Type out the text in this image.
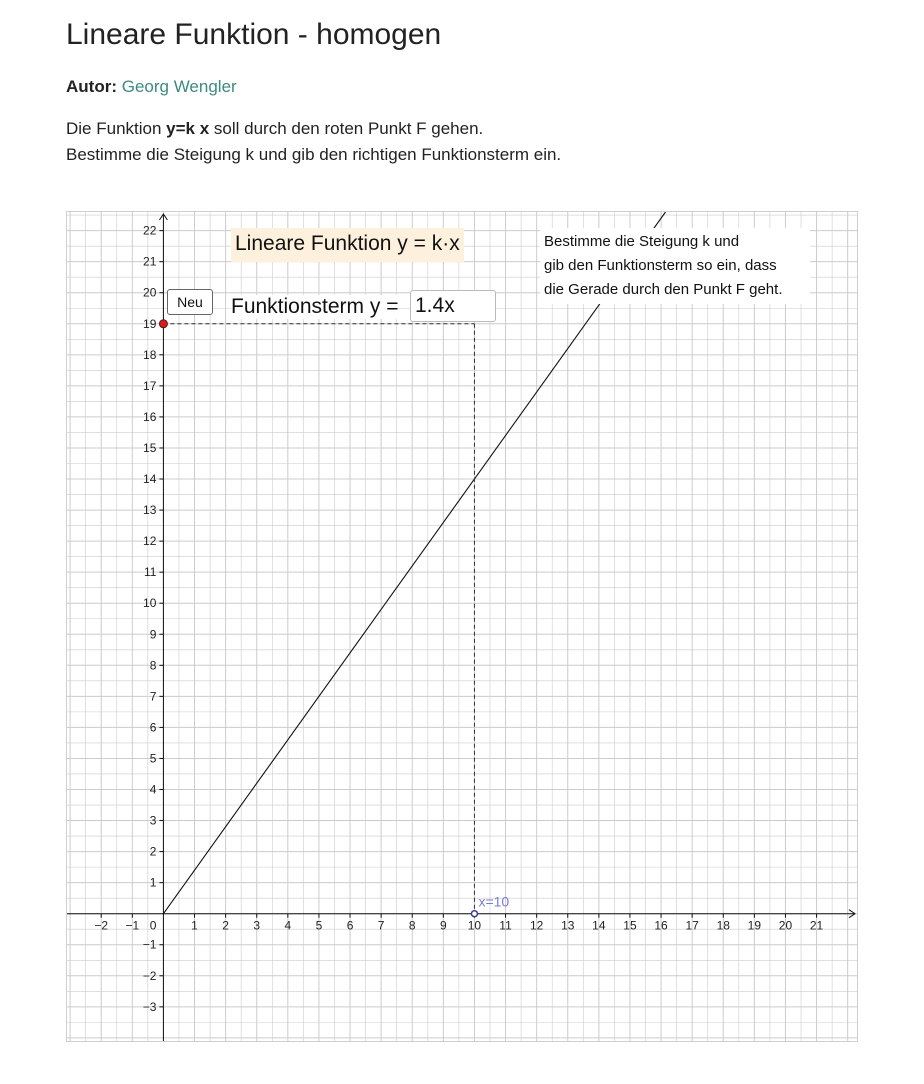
Lineare Funktion - homogen
Autor: Georg Wengler
Die Funktion y=k x soll durch den roten Punkt F gehen.
Bestimme die Steigung k und gib den richtigen Funktionsterm ein.
−2 −1	1 2 3 4 5 6 7 8 9 10 11 12 13 14 15 16 17 18 19 20 21
−3
−2
−1
1
2
3
4
5
6
7
8
9
10
11
12
13
14
15
16
17
18
19
20
21
22
0
x=10
Lineare Funktion y = k·x
Neu	Funktionsterm y =
1.4x
Bestimme die Steigung k und
gib den Funktionsterm so ein, dass
die Gerade durch den Punkt F geht.
